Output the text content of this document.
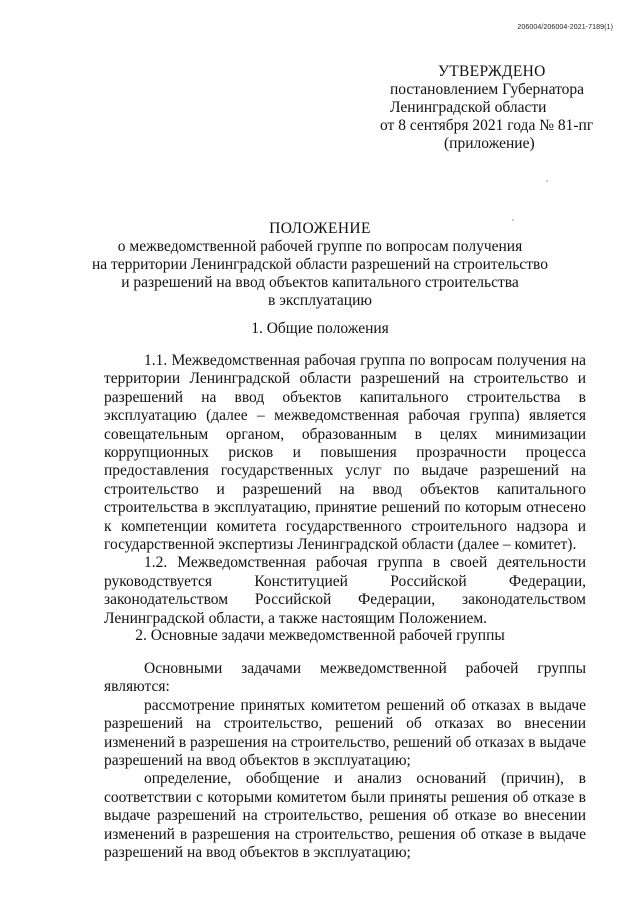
206004/206004-2021-7189(1)
УТВЕРЖДЕНО
постановлением Губернатора
Ленинградской области
от 8 сентября 2021 года № 81-пг
(приложение)
ПОЛОЖЕНИЕ
о межведомственной рабочей группе по вопросам получения
на территории Ленинградской области разрешений на строительство
и разрешений на ввод объектов капитального строительства
в эксплуатацию
1. Общие положения

1.1. Межведомственная рабочая группа по вопросам получения на территории Ленинградской области разрешений на строительство и разрешений на ввод объектов капитального строительства в эксплуатацию (далее – межведомственная рабочая группа) является совещательным органом, образованным в целях минимизации коррупционных рисков и повышения прозрачности процесса предоставления государственных услуг по выдаче разрешений на строительство и разрешений на ввод объектов капитального строительства в эксплуатацию, принятие решений по которым отнесено к компетенции комитета государственного строительного надзора и государственной экспертизы Ленинградской области (далее – комитет).

1.2. Межведомственная рабочая группа в своей деятельности руководствуется Конституцией Российской Федерации, законодательством Российской Федерации, законодательством Ленинградской области, а также настоящим Положением.

2. Основные задачи межведомственной рабочей группы

Основными задачами межведомственной рабочей группы являются:

рассмотрение принятых комитетом решений об отказах в выдаче разрешений на строительство, решений об отказах во внесении изменений в разрешения на строительство, решений об отказах в выдаче разрешений на ввод объектов в эксплуатацию;

определение, обобщение и анализ оснований (причин), в соответствии с которыми комитетом были приняты решения об отказе в выдаче разрешений на строительство, решения об отказе во внесении изменений в разрешения на строительство, решения об отказе в выдаче разрешений на ввод объектов в эксплуатацию;
